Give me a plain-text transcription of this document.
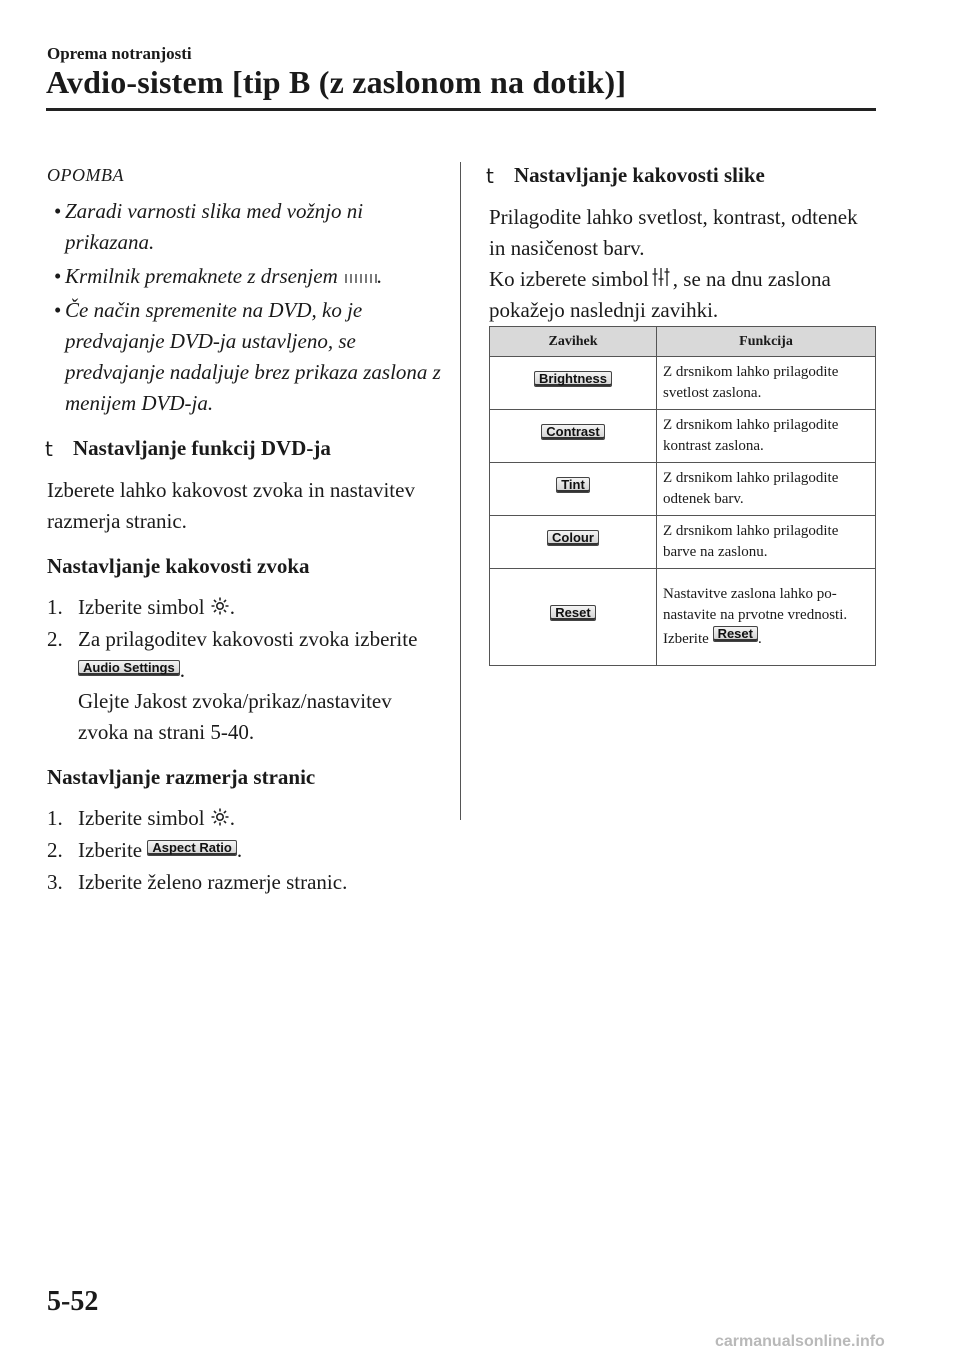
Oprema notranjosti
Avdio-sistem [tip B (z zaslonom na dotik)]
OPOMBA
• Zaradi varnosti slika med vožnjo ni prikazana.
• Krmilnik premaknete z drsenjem .
• Če način spremenite na DVD, ko je predvajanje DVD-ja ustavljeno, se predvajanje nadaljuje brez prikaza zaslona z menijem DVD-ja.
t Nastavljanje funkcij DVD-ja
Izberete lahko kakovost zvoka in nastavitev razmerja stranic.
Nastavljanje kakovosti zvoka
1. Izberite simbol .
2. Za prilagoditev kakovosti zvoka izberite Audio Settings .
Glejte Jakost zvoka/prikaz/nastavitev zvoka na strani 5-40.
Nastavljanje razmerja stranic
1. Izberite simbol .
2. Izberite Aspect Ratio .
3. Izberite želeno razmerje stranic.
t Nastavljanje kakovosti slike
Prilagodite lahko svetlost, kontrast, odtenek in nasičenost barv.
Ko izberete simbol , se na dnu zaslona pokažejo naslednji zavihki.
Zavihek	Funkcija
Brightness	Z drsnikom lahko prilagodite svetlost zaslona.
Contrast	Z drsnikom lahko prilagodite kontrast zaslona.
Tint	Z drsnikom lahko prilagodite odtenek barv.
Colour	Z drsnikom lahko prilagodite barve na zaslonu.
Reset	Nastavitve zaslona lahko ponastavite na prvotne vrednosti.
Izberite Reset .
5-52
carmanualsonline.info
